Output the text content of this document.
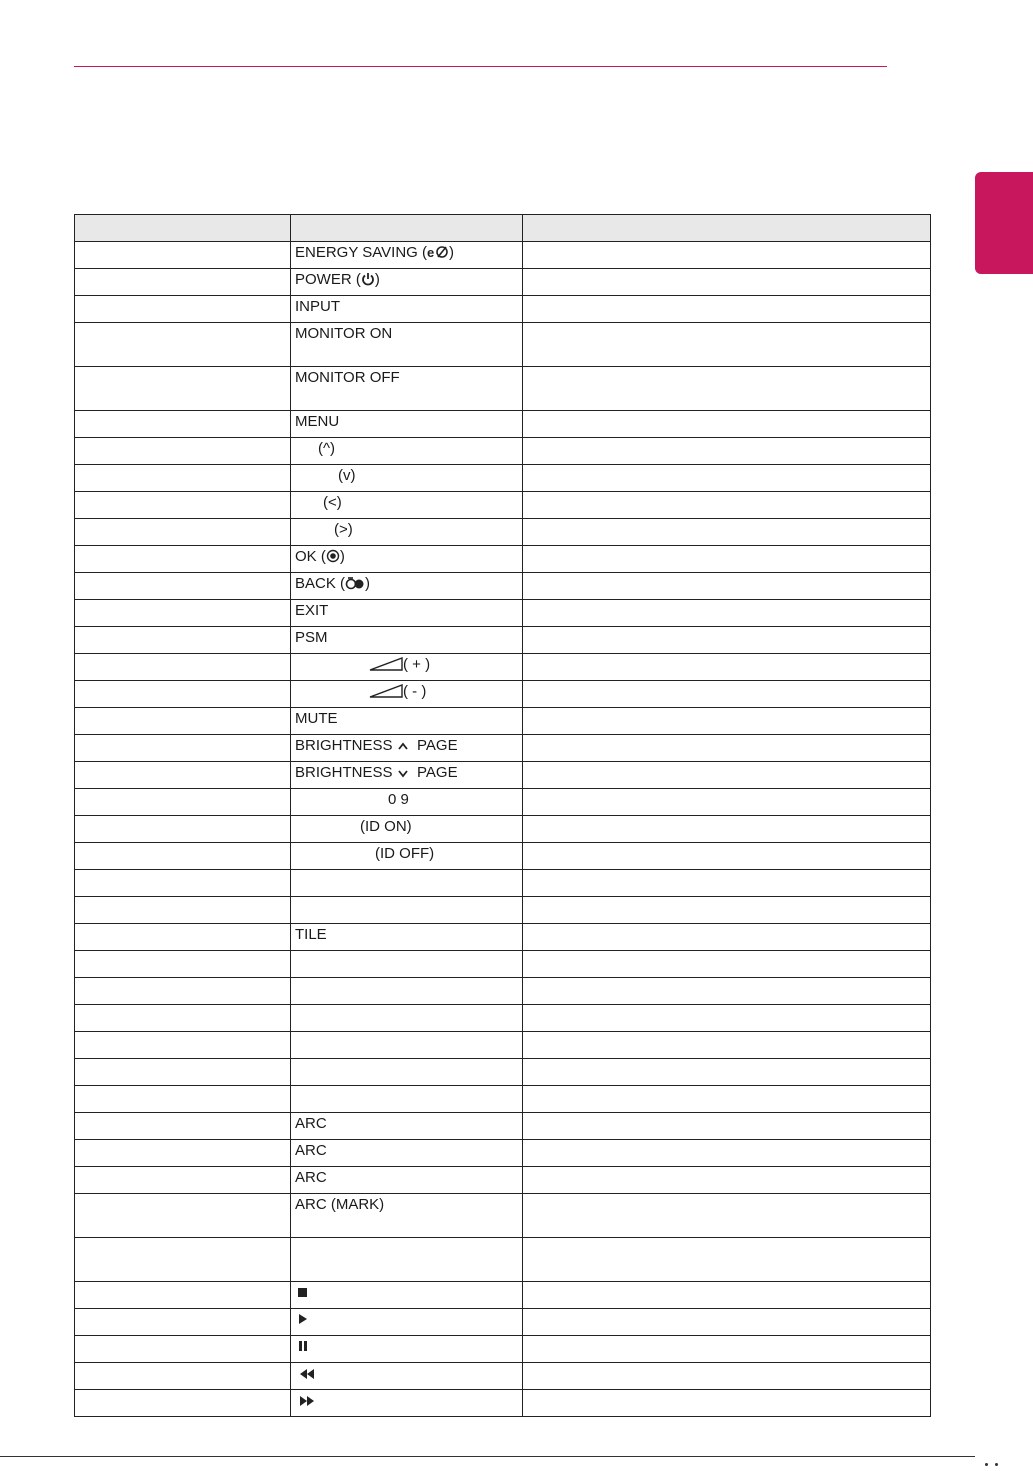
	ENERGY SAVING ( e )	
	POWER ( )	
	INPUT	
	MONITOR ON	
	MONITOR OFF	
	MENU	
	(^)	
	(v)	
	(<)	
	(>)	
	OK ( )	
	BACK ( )	
	EXIT	
	PSM	
	( + )	
	( - )	
	MUTE	
	BRIGHTNESS   PAGE	
	BRIGHTNESS   PAGE	
	0 9	
	(ID ON)	
	(ID OFF)	

	TILE	

	ARC	
	ARC	
	ARC	
	ARC (MARK)	
